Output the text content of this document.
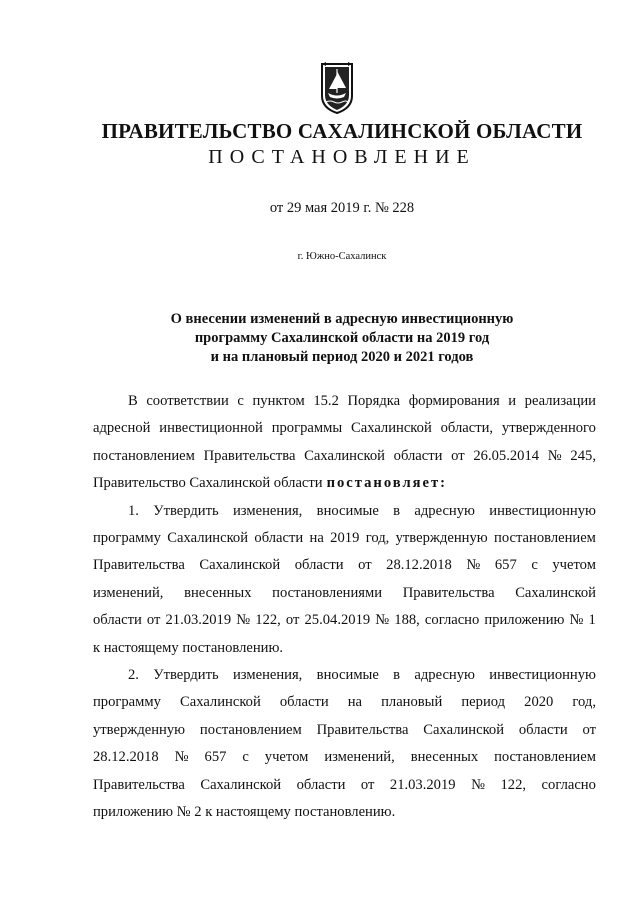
ПРАВИТЕЛЬСТВО САХАЛИНСКОЙ ОБЛАСТИ
ПОСТАНОВЛЕНИЕ
от 29 мая 2019 г. № 228
г. Южно-Сахалинск
О внесении изменений в адресную инвестиционную
программу Сахалинской области на 2019 год
и на плановый период 2020 и 2021 годов
В соответствии с пунктом 15.2 Порядка формирования и реализации
адресной инвестиционной программы Сахалинской области, утвержденного
постановлением Правительства Сахалинской области от 26.05.2014 № 245,
Правительство Сахалинской области постановляет:
1. Утвердить изменения, вносимые в адресную инвестиционную
программу Сахалинской области на 2019 год, утвержденную постановлением
Правительства Сахалинской области от 28.12.2018 № 657 с учетом
изменений, внесенных постановлениями Правительства Сахалинской
области от 21.03.2019 № 122, от 25.04.2019 № 188, согласно приложению № 1
к настоящему постановлению.
2. Утвердить изменения, вносимые в адресную инвестиционную
программу Сахалинской области на плановый период 2020 год,
утвержденную постановлением Правительства Сахалинской области от
28.12.2018 № 657 с учетом изменений, внесенных постановлением
Правительства Сахалинской области от 21.03.2019 № 122, согласно
приложению № 2 к настоящему постановлению.
